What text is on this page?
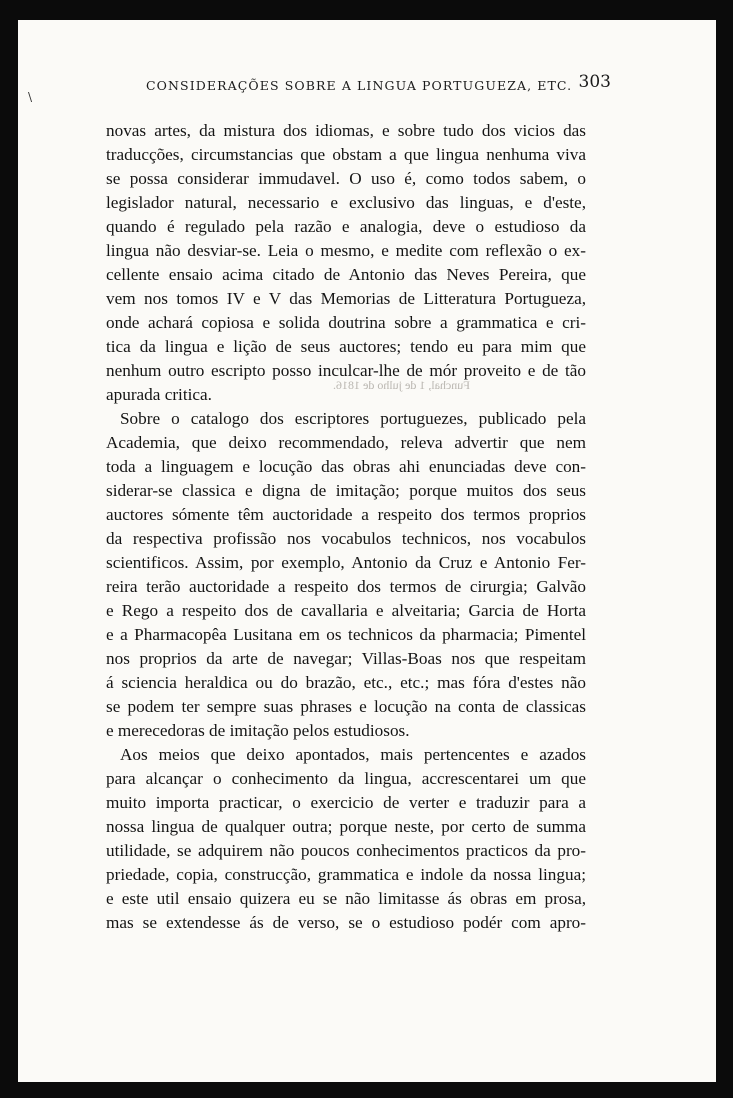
CONSIDERAÇÕES SOBRE A LINGUA PORTUGUEZA, ETC. 303
\
Funchal, 1 de julho de 1816.
novas artes, da mistura dos idiomas, e sobre tudo dos vicios das
traducções, circumstancias que obstam a que lingua nenhuma viva
se possa considerar immudavel. O uso é, como todos sabem, o
legislador natural, necessario e exclusivo das linguas, e d'este,
quando é regulado pela razão e analogia, deve o estudioso da
lingua não desviar-se. Leia o mesmo, e medite com reflexão o ex-
cellente ensaio acima citado de Antonio das Neves Pereira, que
vem nos tomos IV e V das Memorias de Litteratura Portugueza,
onde achará copiosa e solida doutrina sobre a grammatica e cri-
tica da lingua e lição de seus auctores; tendo eu para mim que
nenhum outro escripto posso inculcar-lhe de mór proveito e de tão
apurada critica.
Sobre o catalogo dos escriptores portuguezes, publicado pela
Academia, que deixo recommendado, releva advertir que nem
toda a linguagem e locução das obras ahi enunciadas deve con-
siderar-se classica e digna de imitação; porque muitos dos seus
auctores sómente têm auctoridade a respeito dos termos proprios
da respectiva profissão nos vocabulos technicos, nos vocabulos
scientificos. Assim, por exemplo, Antonio da Cruz e Antonio Fer-
reira terão auctoridade a respeito dos termos de cirurgia; Galvão
e Rego a respeito dos de cavallaria e alveitaria; Garcia de Horta
e a Pharmacopêa Lusitana em os technicos da pharmacia; Pimentel
nos proprios da arte de navegar; Villas-Boas nos que respeitam
á sciencia heraldica ou do brazão, etc., etc.; mas fóra d'estes não
se podem ter sempre suas phrases e locução na conta de classicas
e merecedoras de imitação pelos estudiosos.
Aos meios que deixo apontados, mais pertencentes e azados
para alcançar o conhecimento da lingua, accrescentarei um que
muito importa practicar, o exercicio de verter e traduzir para a
nossa lingua de qualquer outra; porque neste, por certo de summa
utilidade, se adquirem não poucos conhecimentos practicos da pro-
priedade, copia, construcção, grammatica e indole da nossa lingua;
e este util ensaio quizera eu se não limitasse ás obras em prosa,
mas se extendesse ás de verso, se o estudioso podér com apro-
